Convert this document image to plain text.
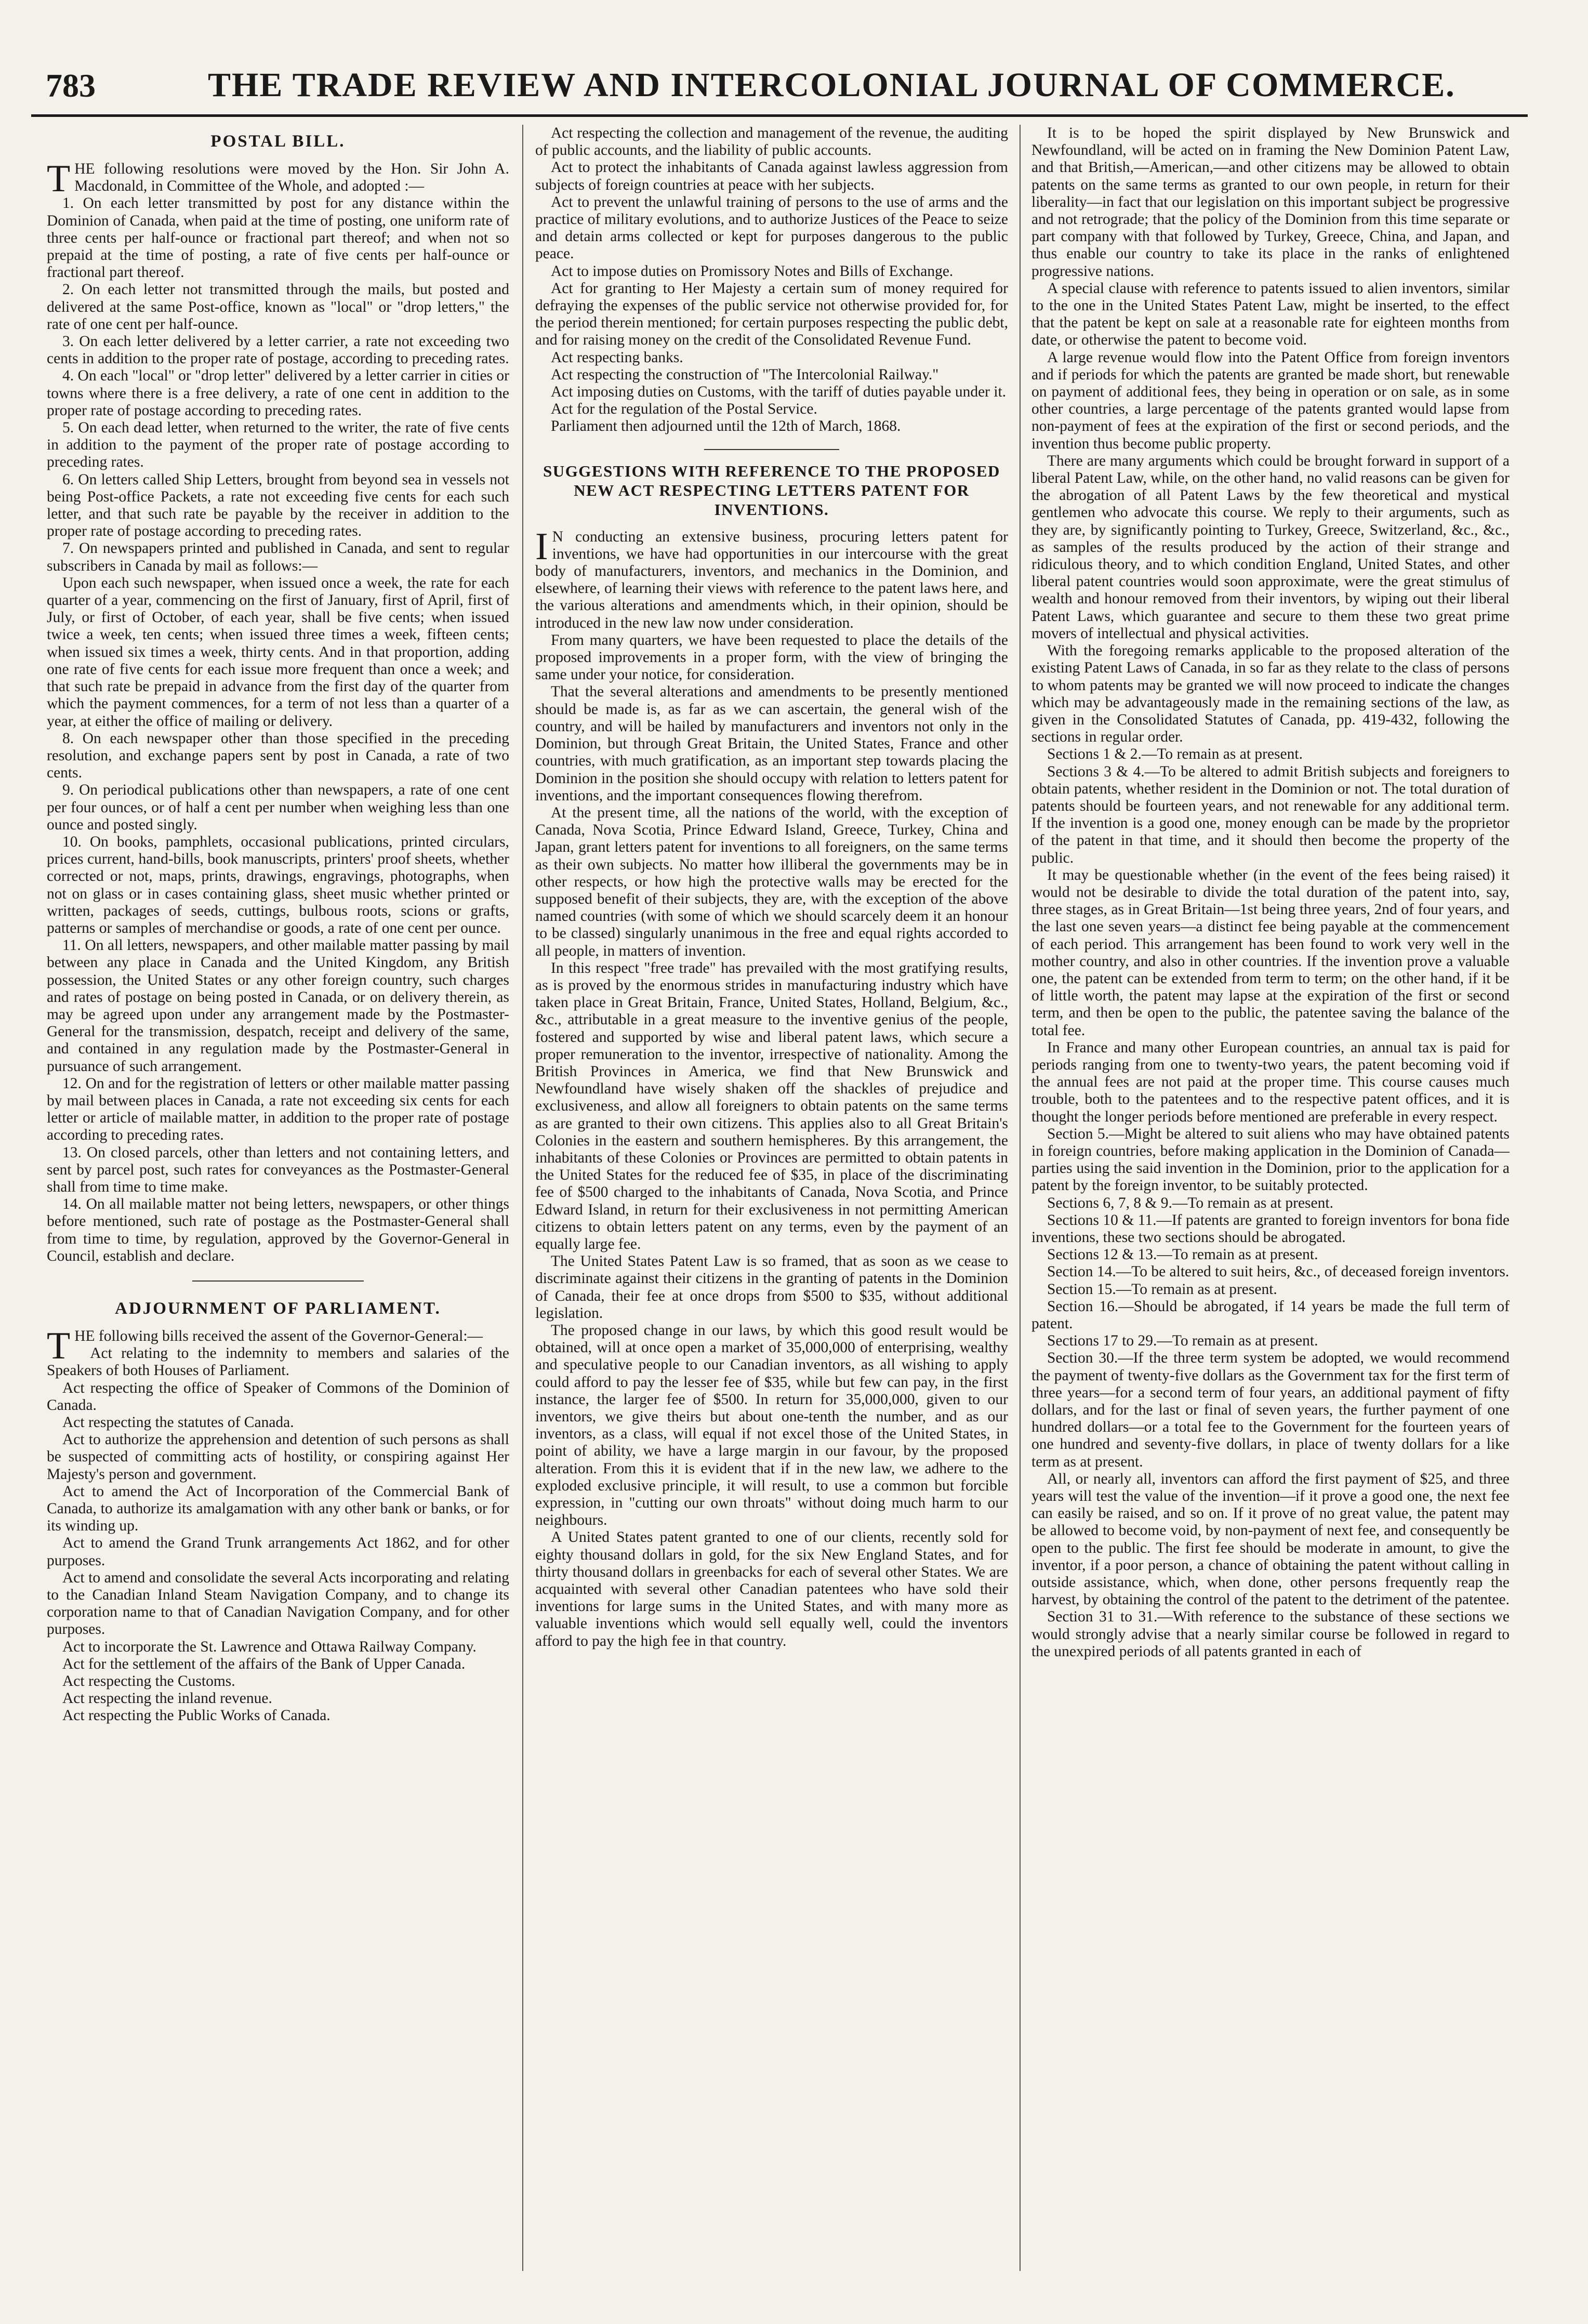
783	THE TRADE REVIEW AND INTERCOLONIAL JOURNAL OF COMMERCE.
POSTAL BILL.

THE following resolutions were moved by the Hon. Sir John A. Macdonald, in Committee of the Whole, and adopted :—

1. On each letter transmitted by post for any distance within the Dominion of Canada, when paid at the time of posting, one uniform rate of three cents per half-ounce or fractional part thereof; and when not so prepaid at the time of posting, a rate of five cents per half-ounce or fractional part thereof.

2. On each letter not transmitted through the mails, but posted and delivered at the same Post-office, known as "local" or "drop letters," the rate of one cent per half-ounce.

3. On each letter delivered by a letter carrier, a rate not exceeding two cents in addition to the proper rate of postage, according to preceding rates.

4. On each "local" or "drop letter" delivered by a letter carrier in cities or towns where there is a free delivery, a rate of one cent in addition to the proper rate of postage according to preceding rates.

5. On each dead letter, when returned to the writer, the rate of five cents in addition to the payment of the proper rate of postage according to preceding rates.

6. On letters called Ship Letters, brought from beyond sea in vessels not being Post-office Packets, a rate not exceeding five cents for each such letter, and that such rate be payable by the receiver in addition to the proper rate of postage according to preceding rates.

7. On newspapers printed and published in Canada, and sent to regular subscribers in Canada by mail as follows:—

Upon each such newspaper, when issued once a week, the rate for each quarter of a year, commencing on the first of January, first of April, first of July, or first of October, of each year, shall be five cents; when issued twice a week, ten cents; when issued three times a week, fifteen cents; when issued six times a week, thirty cents. And in that proportion, adding one rate of five cents for each issue more frequent than once a week; and that such rate be prepaid in advance from the first day of the quarter from which the payment commences, for a term of not less than a quarter of a year, at either the office of mailing or delivery.

8. On each newspaper other than those specified in the preceding resolution, and exchange papers sent by post in Canada, a rate of two cents.

9. On periodical publications other than newspapers, a rate of one cent per four ounces, or of half a cent per number when weighing less than one ounce and posted singly.

10. On books, pamphlets, occasional publications, printed circulars, prices current, hand-bills, book manuscripts, printers' proof sheets, whether corrected or not, maps, prints, drawings, engravings, photographs, when not on glass or in cases containing glass, sheet music whether printed or written, packages of seeds, cuttings, bulbous roots, scions or grafts, patterns or samples of merchandise or goods, a rate of one cent per ounce.

11. On all letters, newspapers, and other mailable matter passing by mail between any place in Canada and the United Kingdom, any British possession, the United States or any other foreign country, such charges and rates of postage on being posted in Canada, or on delivery therein, as may be agreed upon under any arrangement made by the Postmaster-General for the transmission, despatch, receipt and delivery of the same, and contained in any regulation made by the Postmaster-General in pursuance of such arrangement.

12. On and for the registration of letters or other mailable matter passing by mail between places in Canada, a rate not exceeding six cents for each letter or article of mailable matter, in addition to the proper rate of postage according to preceding rates.

13. On closed parcels, other than letters and not containing letters, and sent by parcel post, such rates for conveyances as the Postmaster-General shall from time to time make.

14. On all mailable matter not being letters, newspapers, or other things before mentioned, such rate of postage as the Postmaster-General shall from time to time, by regulation, approved by the Governor-General in Council, establish and declare.

ADJOURNMENT OF PARLIAMENT.

THE following bills received the assent of the Governor-General:—

Act relating to the indemnity to members and salaries of the Speakers of both Houses of Parliament.

Act respecting the office of Speaker of Commons of the Dominion of Canada.

Act respecting the statutes of Canada.

Act to authorize the apprehension and detention of such persons as shall be suspected of committing acts of hostility, or conspiring against Her Majesty's person and government.

Act to amend the Act of Incorporation of the Commercial Bank of Canada, to authorize its amalgamation with any other bank or banks, or for its winding up.

Act to amend the Grand Trunk arrangements Act 1862, and for other purposes.

Act to amend and consolidate the several Acts incorporating and relating to the Canadian Inland Steam Navigation Company, and to change its corporation name to that of Canadian Navigation Company, and for other purposes.

Act to incorporate the St. Lawrence and Ottawa Railway Company.

Act for the settlement of the affairs of the Bank of Upper Canada.

Act respecting the Customs.

Act respecting the inland revenue.

Act respecting the Public Works of Canada.

Act respecting the collection and management of the revenue, the auditing of public accounts, and the liability of public accounts.

Act to protect the inhabitants of Canada against lawless aggression from subjects of foreign countries at peace with her subjects.

Act to prevent the unlawful training of persons to the use of arms and the practice of military evolutions, and to authorize Justices of the Peace to seize and detain arms collected or kept for purposes dangerous to the public peace.

Act to impose duties on Promissory Notes and Bills of Exchange.

Act for granting to Her Majesty a certain sum of money required for defraying the expenses of the public service not otherwise provided for, for the period therein mentioned; for certain purposes respecting the public debt, and for raising money on the credit of the Consolidated Revenue Fund.

Act respecting banks.

Act respecting the construction of "The Intercolonial Railway."

Act imposing duties on Customs, with the tariff of duties payable under it.

Act for the regulation of the Postal Service.

Parliament then adjourned until the 12th of March, 1868.

SUGGESTIONS WITH REFERENCE TO THE PROPOSED NEW ACT RESPECTING LETTERS PATENT FOR INVENTIONS.

IN conducting an extensive business, procuring letters patent for inventions, we have had opportunities in our intercourse with the great body of manufacturers, inventors, and mechanics in the Dominion, and elsewhere, of learning their views with reference to the patent laws here, and the various alterations and amendments which, in their opinion, should be introduced in the new law now under consideration.

From many quarters, we have been requested to place the details of the proposed improvements in a proper form, with the view of bringing the same under your notice, for consideration.

That the several alterations and amendments to be presently mentioned should be made is, as far as we can ascertain, the general wish of the country, and will be hailed by manufacturers and inventors not only in the Dominion, but through Great Britain, the United States, France and other countries, with much gratification, as an important step towards placing the Dominion in the position she should occupy with relation to letters patent for inventions, and the important consequences flowing therefrom.

At the present time, all the nations of the world, with the exception of Canada, Nova Scotia, Prince Edward Island, Greece, Turkey, China and Japan, grant letters patent for inventions to all foreigners, on the same terms as their own subjects. No matter how illiberal the governments may be in other respects, or how high the protective walls may be erected for the supposed benefit of their subjects, they are, with the exception of the above named countries (with some of which we should scarcely deem it an honour to be classed) singularly unanimous in the free and equal rights accorded to all people, in matters of invention.

In this respect "free trade" has prevailed with the most gratifying results, as is proved by the enormous strides in manufacturing industry which have taken place in Great Britain, France, United States, Holland, Belgium, &c., &c., attributable in a great measure to the inventive genius of the people, fostered and supported by wise and liberal patent laws, which secure a proper remuneration to the inventor, irrespective of nationality. Among the British Provinces in America, we find that New Brunswick and Newfoundland have wisely shaken off the shackles of prejudice and exclusiveness, and allow all foreigners to obtain patents on the same terms as are granted to their own citizens. This applies also to all Great Britain's Colonies in the eastern and southern hemispheres. By this arrangement, the inhabitants of these Colonies or Provinces are permitted to obtain patents in the United States for the reduced fee of $35, in place of the discriminating fee of $500 charged to the inhabitants of Canada, Nova Scotia, and Prince Edward Island, in return for their exclusiveness in not permitting American citizens to obtain letters patent on any terms, even by the payment of an equally large fee.

The United States Patent Law is so framed, that as soon as we cease to discriminate against their citizens in the granting of patents in the Dominion of Canada, their fee at once drops from $500 to $35, without additional legislation.

The proposed change in our laws, by which this good result would be obtained, will at once open a market of 35,000,000 of enterprising, wealthy and speculative people to our Canadian inventors, as all wishing to apply could afford to pay the lesser fee of $35, while but few can pay, in the first instance, the larger fee of $500. In return for 35,000,000, given to our inventors, we give theirs but about one-tenth the number, and as our inventors, as a class, will equal if not excel those of the United States, in point of ability, we have a large margin in our favour, by the proposed alteration. From this it is evident that if in the new law, we adhere to the exploded exclusive principle, it will result, to use a common but forcible expression, in "cutting our own throats" without doing much harm to our neighbours.

A United States patent granted to one of our clients, recently sold for eighty thousand dollars in gold, for the six New England States, and for thirty thousand dollars in greenbacks for each of several other States. We are acquainted with several other Canadian patentees who have sold their inventions for large sums in the United States, and with many more as valuable inventions which would sell equally well, could the inventors afford to pay the high fee in that country.

It is to be hoped the spirit displayed by New Brunswick and Newfoundland, will be acted on in framing the New Dominion Patent Law, and that British,—American,—and other citizens may be allowed to obtain patents on the same terms as granted to our own people, in return for their liberality—in fact that our legislation on this important subject be progressive and not retrograde; that the policy of the Dominion from this time separate or part company with that followed by Turkey, Greece, China, and Japan, and thus enable our country to take its place in the ranks of enlightened progressive nations.

A special clause with reference to patents issued to alien inventors, similar to the one in the United States Patent Law, might be inserted, to the effect that the patent be kept on sale at a reasonable rate for eighteen months from date, or otherwise the patent to become void.

A large revenue would flow into the Patent Office from foreign inventors and if periods for which the patents are granted be made short, but renewable on payment of additional fees, they being in operation or on sale, as in some other countries, a large percentage of the patents granted would lapse from non-payment of fees at the expiration of the first or second periods, and the invention thus become public property.

There are many arguments which could be brought forward in support of a liberal Patent Law, while, on the other hand, no valid reasons can be given for the abrogation of all Patent Laws by the few theoretical and mystical gentlemen who advocate this course. We reply to their arguments, such as they are, by significantly pointing to Turkey, Greece, Switzerland, &c., &c., as samples of the results produced by the action of their strange and ridiculous theory, and to which condition England, United States, and other liberal patent countries would soon approximate, were the great stimulus of wealth and honour removed from their inventors, by wiping out their liberal Patent Laws, which guarantee and secure to them these two great prime movers of intellectual and physical activities.

With the foregoing remarks applicable to the proposed alteration of the existing Patent Laws of Canada, in so far as they relate to the class of persons to whom patents may be granted we will now proceed to indicate the changes which may be advantageously made in the remaining sections of the law, as given in the Consolidated Statutes of Canada, pp. 419-432, following the sections in regular order.

Sections 1 & 2.—To remain as at present.

Sections 3 & 4.—To be altered to admit British subjects and foreigners to obtain patents, whether resident in the Dominion or not. The total duration of patents should be fourteen years, and not renewable for any additional term. If the invention is a good one, money enough can be made by the proprietor of the patent in that time, and it should then become the property of the public.

It may be questionable whether (in the event of the fees being raised) it would not be desirable to divide the total duration of the patent into, say, three stages, as in Great Britain—1st being three years, 2nd of four years, and the last one seven years—a distinct fee being payable at the commencement of each period. This arrangement has been found to work very well in the mother country, and also in other countries. If the invention prove a valuable one, the patent can be extended from term to term; on the other hand, if it be of little worth, the patent may lapse at the expiration of the first or second term, and then be open to the public, the patentee saving the balance of the total fee.

In France and many other European countries, an annual tax is paid for periods ranging from one to twenty-two years, the patent becoming void if the annual fees are not paid at the proper time. This course causes much trouble, both to the patentees and to the respective patent offices, and it is thought the longer periods before mentioned are preferable in every respect.

Section 5.—Might be altered to suit aliens who may have obtained patents in foreign countries, before making application in the Dominion of Canada—parties using the said invention in the Dominion, prior to the application for a patent by the foreign inventor, to be suitably protected.

Sections 6, 7, 8 & 9.—To remain as at present.

Sections 10 & 11.—If patents are granted to foreign inventors for bona fide inventions, these two sections should be abrogated.

Sections 12 & 13.—To remain as at present.

Section 14.—To be altered to suit heirs, &c., of deceased foreign inventors.

Section 15.—To remain as at present.

Section 16.—Should be abrogated, if 14 years be made the full term of patent.

Sections 17 to 29.—To remain as at present.

Section 30.—If the three term system be adopted, we would recommend the payment of twenty-five dollars as the Government tax for the first term of three years—for a second term of four years, an additional payment of fifty dollars, and for the last or final of seven years, the further payment of one hundred dollars—or a total fee to the Government for the fourteen years of one hundred and seventy-five dollars, in place of twenty dollars for a like term as at present.

All, or nearly all, inventors can afford the first payment of $25, and three years will test the value of the invention—if it prove a good one, the next fee can easily be raised, and so on. If it prove of no great value, the patent may be allowed to become void, by non-payment of next fee, and consequently be open to the public. The first fee should be moderate in amount, to give the inventor, if a poor person, a chance of obtaining the patent without calling in outside assistance, which, when done, other persons frequently reap the harvest, by obtaining the control of the patent to the detriment of the patentee.

Section 31 to 31.—With reference to the substance of these sections we would strongly advise that a nearly similar course be followed in regard to the unexpired periods of all patents granted in each of
